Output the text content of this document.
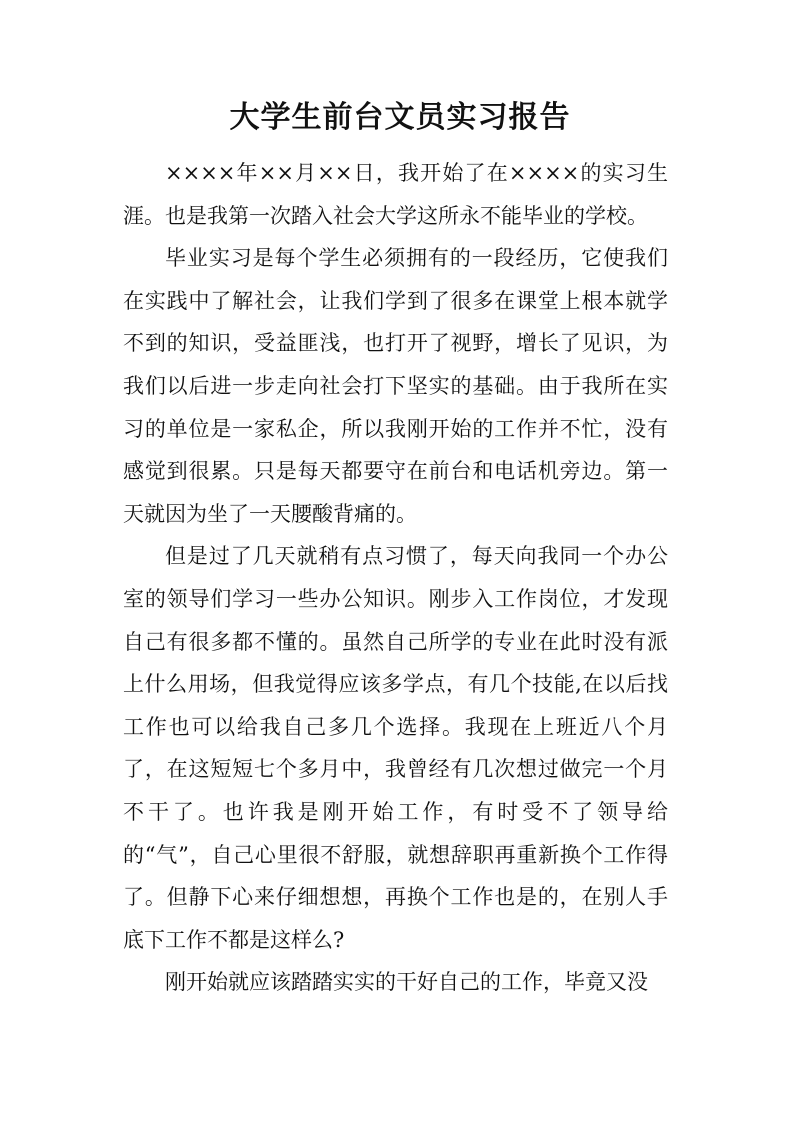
大学生前台文员实习报告

××××年××月××日，我开始了在××××的实习生涯。也是我第一次踏入社会大学这所永不能毕业的学校。

毕业实习是每个学生必须拥有的一段经历，它使我们在实践中了解社会，让我们学到了很多在课堂上根本就学不到的知识，受益匪浅，也打开了视野，增长了见识，为我们以后进一步走向社会打下坚实的基础。由于我所在实习的单位是一家私企，所以我刚开始的工作并不忙，没有感觉到很累。只是每天都要守在前台和电话机旁边。第一天就因为坐了一天腰酸背痛的。

但是过了几天就稍有点习惯了，每天向我同一个办公室的领导们学习一些办公知识。刚步入工作岗位，才发现自己有很多都不懂的。虽然自己所学的专业在此时没有派上什么用场，但我觉得应该多学点，有几个技能,在以后找工作也可以给我自己多几个选择。我现在上班近八个月了，在这短短七个多月中，我曾经有几次想过做完一个月不干了。也许我是刚开始工作，有时受不了领导给的“气”，自己心里很不舒服，就想辞职再重新换个工作得了。但静下心来仔细想想，再换个工作也是的，在别人手底下工作不都是这样么?

刚开始就应该踏踏实实的干好自己的工作，毕竟又没
